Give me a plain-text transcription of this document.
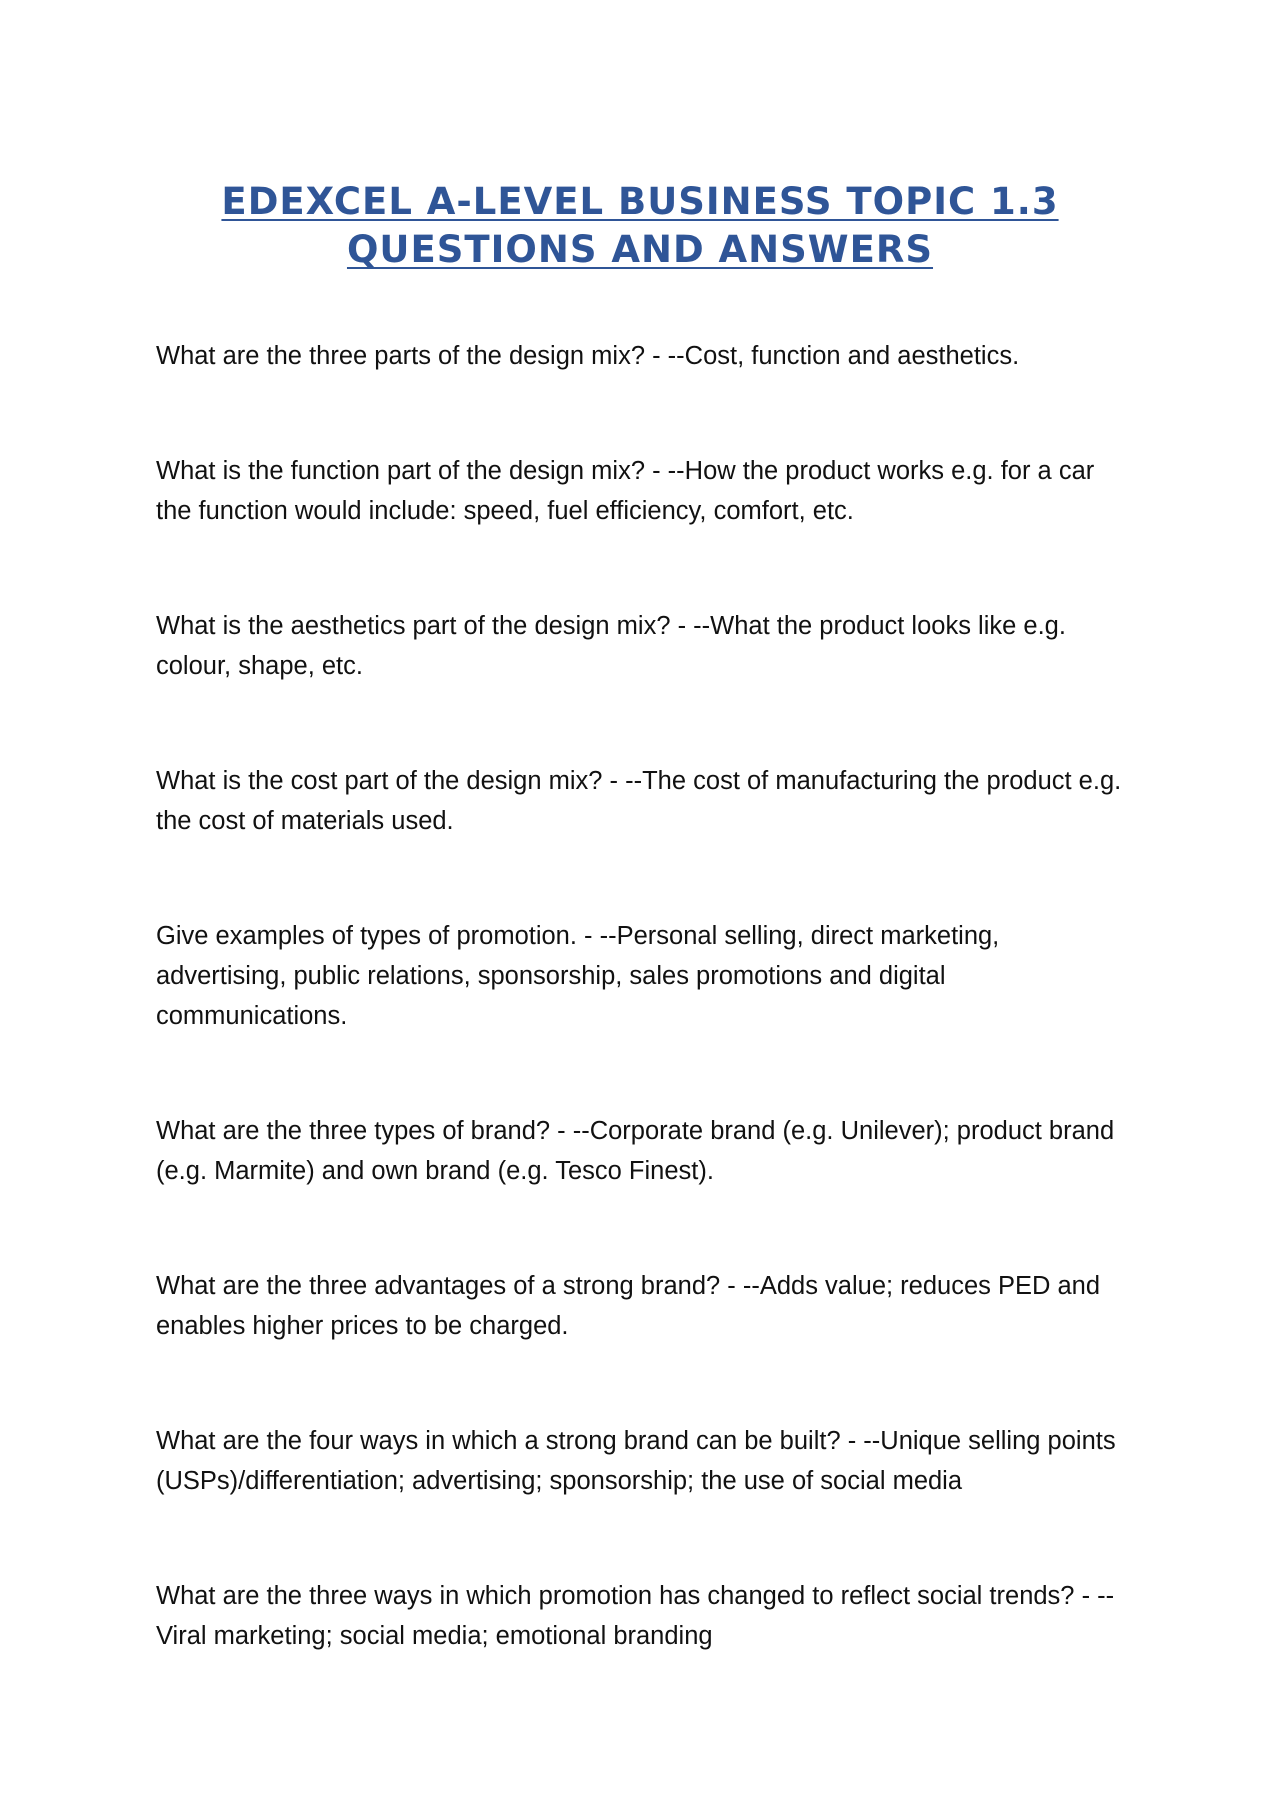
EDEXCEL A-LEVEL BUSINESS TOPIC 1.3
QUESTIONS AND ANSWERS
What are the three parts of the design mix? - --Cost, function and aesthetics.
What is the function part of the design mix? - --How the product works e.g. for a car the function would include: speed, fuel efficiency, comfort, etc.
What is the aesthetics part of the design mix? - --What the product looks like e.g. colour, shape, etc.
What is the cost part of the design mix? - --The cost of manufacturing the product e.g. the cost of materials used.
Give examples of types of promotion. - --Personal selling, direct marketing, advertising, public relations, sponsorship, sales promotions and digital communications.
What are the three types of brand? - --Corporate brand (e.g. Unilever); product brand (e.g. Marmite) and own brand (e.g. Tesco Finest).
What are the three advantages of a strong brand? - --Adds value; reduces PED and enables higher prices to be charged.
What are the four ways in which a strong brand can be built? - --Unique selling points (USPs)/differentiation; advertising; sponsorship; the use of social media
What are the three ways in which promotion has changed to reflect social trends? - --Viral marketing; social media; emotional branding
